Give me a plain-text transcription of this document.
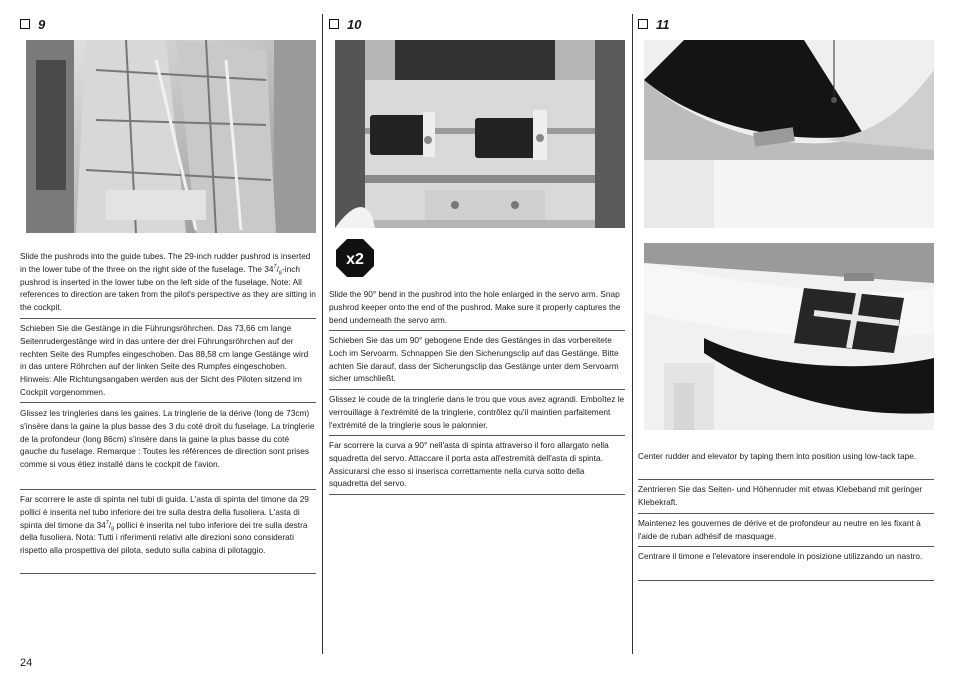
9

Slide the pushrods into the guide tubes. The 29-inch rudder pushrod is inserted in the lower tube of the three on the right side of the fuselage. The $34^7/_8$-inch pushrod is inserted in the lower tube on the left side of the fuselage. Note: All references to direction are taken from the pilot's perspective as they are sitting in the cockpit.

Schieben Sie die Gestänge in die Führungsröhrchen. Das 73,66 cm lange Seitenrudergestänge wird in das untere der drei Führungsröhrchen auf der rechten Seite des Rumpfes eingeschoben. Das 88,58 cm lange Gestänge wird in das untere Röhrchen auf der linken Seite des Rumpfes eingeschoben. Hinweis: Alle Richtungsangaben werden aus der Sicht des Piloten sitzend im Cockpit vorgenommen.

Glissez les tringleries dans les gaines. La tringlerie de la dérive (long de 73cm) s'insère dans la gaine la plus basse des 3 du coté droit du fuselage. La tringlerie de la profondeur (long 86cm) s'insère dans la gaine la plus basse du coté gauche du fuselage. Remarque : Toutes les références de direction sont prises comme si vous étiez installé dans le cockpit de l'avion.

Far scorrere le aste di spinta nei tubi di guida. L'asta di spinta del timone da 29 pollici è inserita nel tubo inferiore dei tre sulla destra della fusoliera. L'asta di spinta del timone da $34^7/_8$ pollici è inserita nel tubo inferiore dei tre sulla destra della fusoliera. Nota: Tutti i riferimenti relativi alle direzioni sono considerati rispetto alla prospettiva del pilota, seduto sulla cabina di pilotaggio.

10
x2

Slide the 90° bend in the pushrod into the hole enlarged in the servo arm. Snap pushrod keeper onto the end of the pushrod. Make sure it properly captures the bend underneath the servo arm.

Schieben Sie das um 90° gebogene Ende des Gestänges in das vorbereitete Loch im Servoarm. Schnappen Sie den Sicherungsclip auf das Gestänge. Bitte achten Sie darauf, dass der Sicherungsclip das Gestänge unter dem Servoarm sicher umschließt.

Glissez le coude de la tringlerie dans le trou que vous avez agrandi. Emboîtez le verrouillage à l'extrémité de la tringlerie, contrôlez qu'il maintien parfaitement l'extrémité de la tringlerie sous le palonnier.

Far scorrere la curva a 90° nell'asta di spinta attraverso il foro allargato nella squadretta del servo. Attaccare il porta asta all'estremità dell'asta di spinta. Assicurarsi che esso si inserisca correttamente nella curva sotto della squadretta del servo.

11

Center rudder and elevator by taping them into position using low-tack tape.

Zentrieren Sie das Seiten- und Höhenruder mit etwas Klebeband mit geringer Klebekraft.

Maintenez les gouvernes de dérive et de profondeur au neutre en les fixant à l'aide de ruban adhésif de masquage.

Centrare il timone e l'elevatore inserendole in posizione utilizzando un nastro.

24
